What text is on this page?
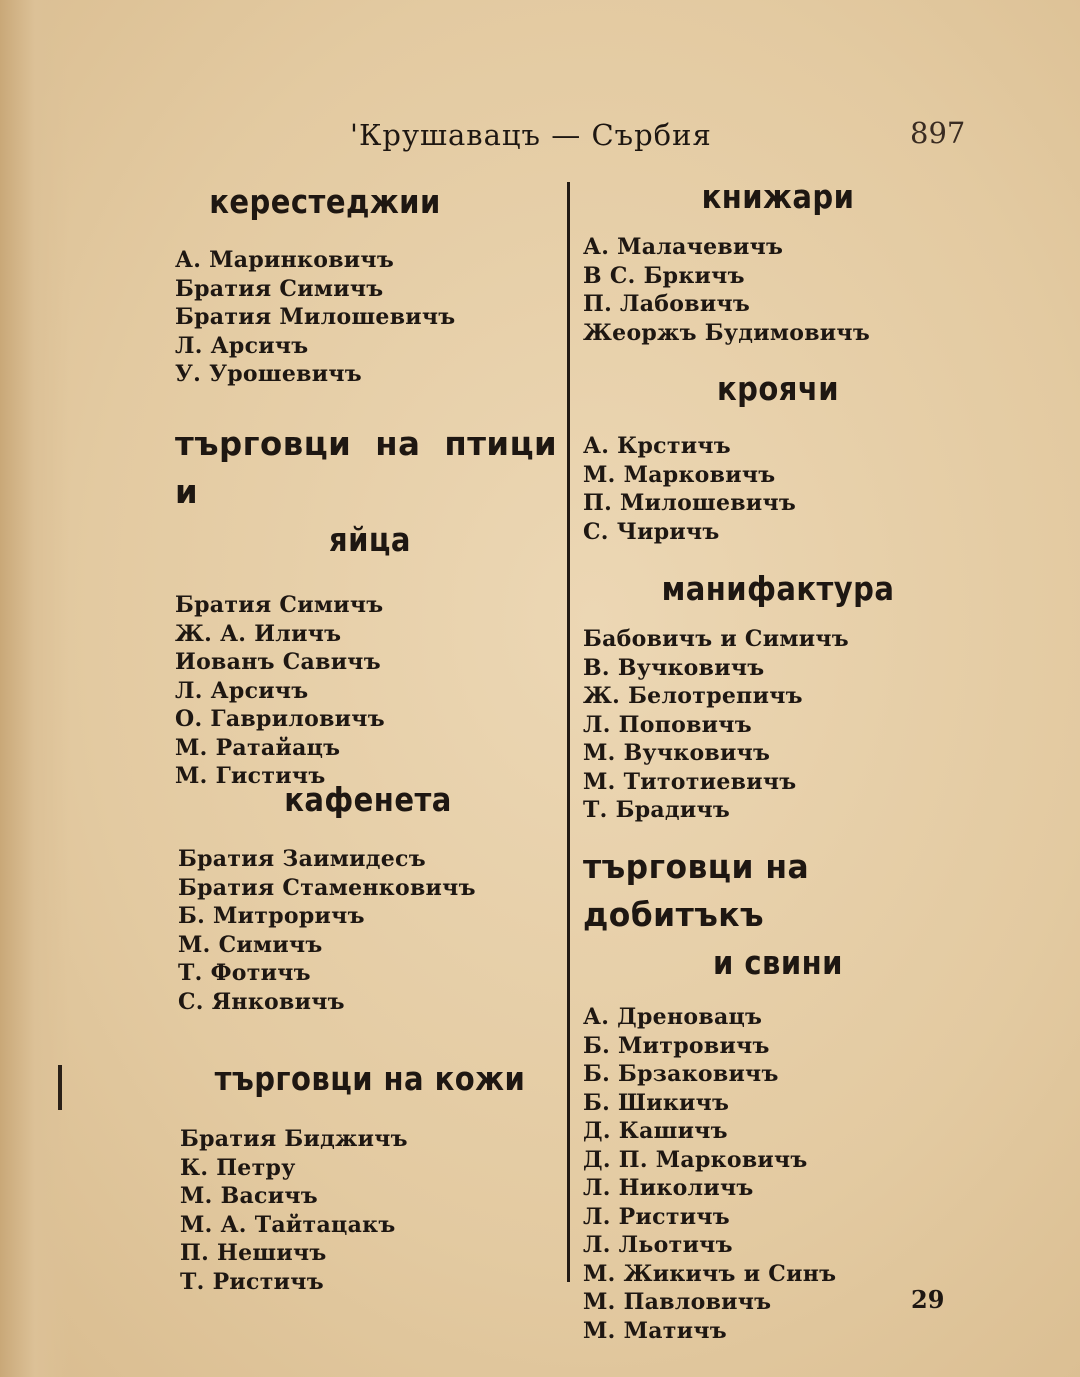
'Крушавацъ — Сърбия	897
керестеджии
А. Маринковичъ
Братия Симичъ
Братия Милошевичъ
Л. Арсичъ
У. Урошевичъ
търговци на птици и
яйца
Братия Симичъ
Ж. А. Иличъ
Иованъ Савичъ
Л. Арсичъ
О. Гавриловичъ
М. Ратайацъ
М. Гистичъ
кафенета
Братия Заимидесъ
Братия Стаменковичъ
Б. Митроричъ
М. Симичъ
Т. Фотичъ
С. Янковичъ
търговци на кожи
Братия Биджичъ
К. Петру
М. Васичъ
М. А. Тайтацакъ
П. Нешичъ
Т. Ристичъ
книжари
А. Малачевичъ
В С. Бркичъ
П. Лабовичъ
Жеоржъ Будимовичъ
кроячи
А. Крстичъ
М. Марковичъ
П. Милошевичъ
С. Чиричъ
манифактура
Бабовичъ и Симичъ
В. Вучковичъ
Ж. Белотрепичъ
Л. Поповичъ
М. Вучковичъ
М. Титотиевичъ
Т. Брадичъ
търговци на добитъкъ
и свини
А. Дреновацъ
Б. Митровичъ
Б. Брзаковичъ
Б. Шикичъ
Д. Кашичъ
Д. П. Марковичъ
Л. Николичъ
Л. Ристичъ
Л. Льотичъ
М. Жикичъ и Синъ
М. Павловичъ
М. Матичъ
29
